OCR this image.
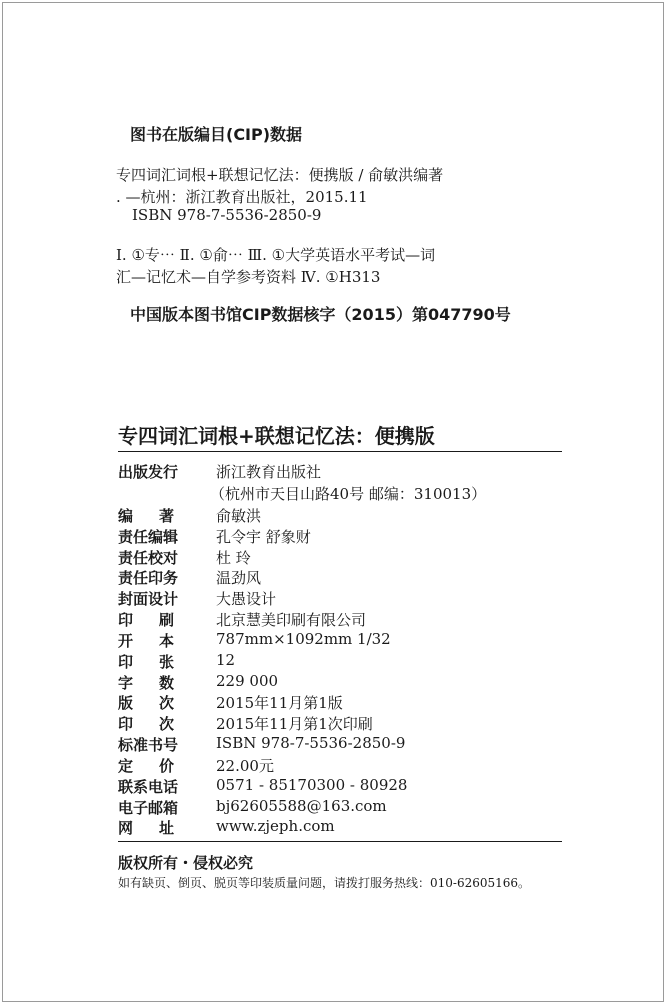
图书在版编目(CIP)数据
专四词汇词根+联想记忆法：便携版 / 俞敏洪编著
. —杭州：浙江教育出版社，2015.11
ISBN 978-7-5536-2850-9
Ⅰ. ①专⋯ Ⅱ. ①俞⋯ Ⅲ. ①大学英语水平考试—词
汇—记忆术—自学参考资料 Ⅳ. ①H313
中国版本图书馆CIP数据核字（2015）第047790号
专四词汇词根+联想记忆法：便携版
出版发行	浙江教育出版社
（杭州市天目山路40号 邮编：310013）
编著 俞敏洪
责任编辑	孔令宇 舒象财
责任校对	杜 玲
责任印务	温劲风
封面设计	大愚设计
印刷 北京慧美印刷有限公司
开本 787mm×1092mm 1/32
印张 12
字数 229 000
版次 2015年11月第1版
印次 2015年11月第1次印刷
标准书号	ISBN 978-7-5536-2850-9
定价 22.00元
联系电话	0571 - 85170300 - 80928
电子邮箱	bj62605588@163.com
网址 www.zjeph.com
版权所有・侵权必究
如有缺页、倒页、脱页等印装质量问题，请拨打服务热线：010-62605166。
